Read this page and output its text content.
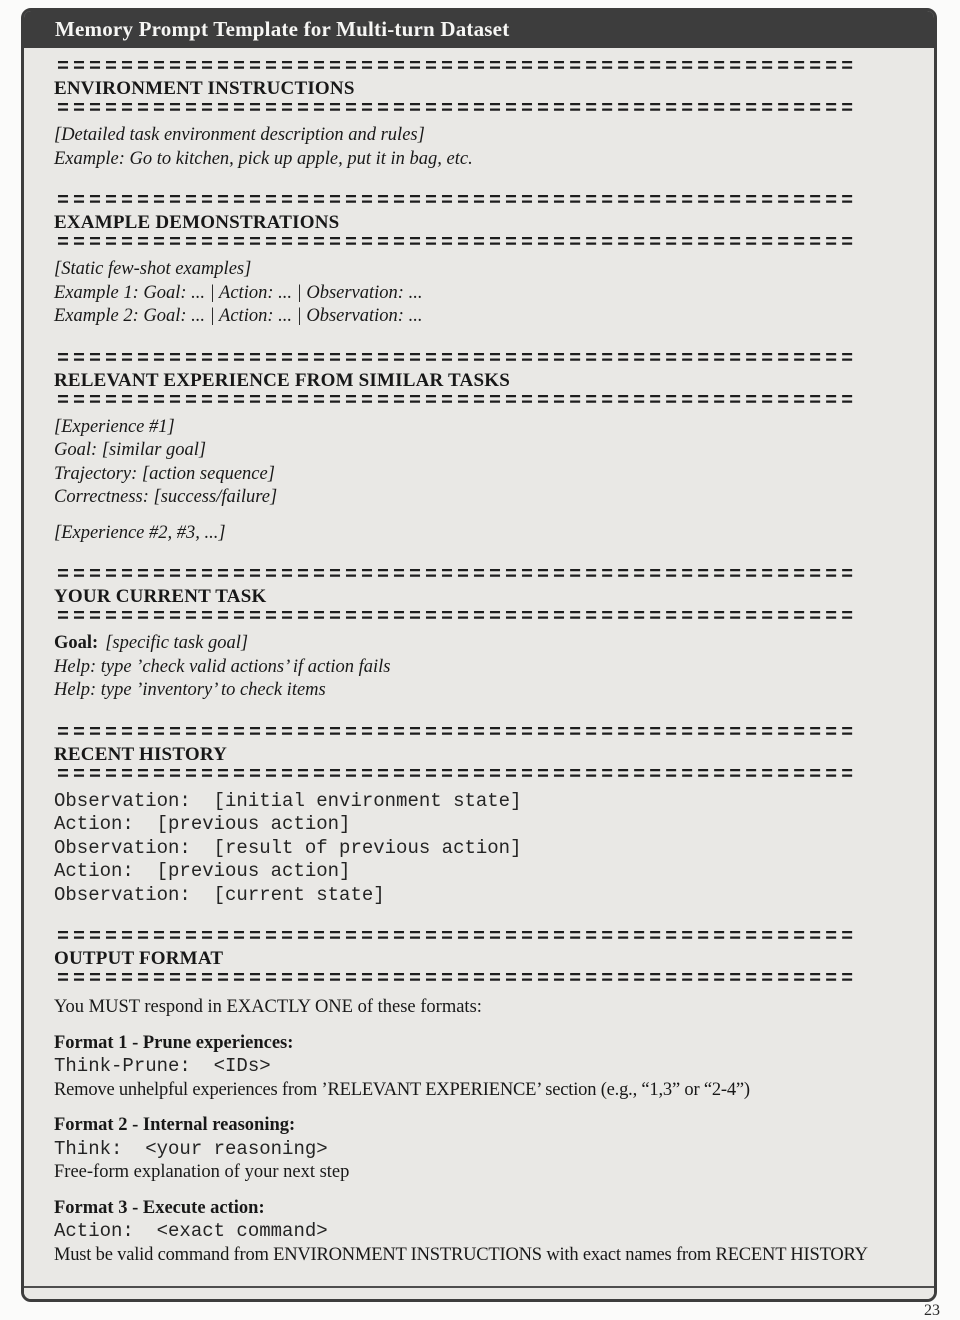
Memory Prompt Template for Multi-turn Dataset
==================================================
ENVIRONMENT INSTRUCTIONS
==================================================
[Detailed task environment description and rules]
Example: Go to kitchen, pick up apple, put it in bag, etc.
==================================================
EXAMPLE DEMONSTRATIONS
==================================================
[Static few-shot examples]
Example 1: Goal: ... | Action: ... | Observation: ...
Example 2: Goal: ... | Action: ... | Observation: ...
==================================================
RELEVANT EXPERIENCE FROM SIMILAR TASKS
==================================================
[Experience #1]
Goal: [similar goal]
Trajectory: [action sequence]
Correctness: [success/failure]
[Experience #2, #3, ...]
==================================================
YOUR CURRENT TASK
==================================================
Goal: [specific task goal]
Help: type ’check valid actions’ if action fails
Help: type ’inventory’ to check items
==================================================
RECENT HISTORY
==================================================
Observation:  [initial environment state]
Action:  [previous action]
Observation:  [result of previous action]
Action:  [previous action]
Observation:  [current state]
==================================================
OUTPUT FORMAT
==================================================
You MUST respond in EXACTLY ONE of these formats:
Format 1 - Prune experiences:
Think-Prune:  <IDs>
Remove unhelpful experiences from ’RELEVANT EXPERIENCE’ section (e.g., “1,3” or “2-4”)
Format 2 - Internal reasoning:
Think:  <your reasoning>
Free-form explanation of your next step
Format 3 - Execute action:
Action:  <exact command>
Must be valid command from ENVIRONMENT INSTRUCTIONS with exact names from RECENT HISTORY
23
